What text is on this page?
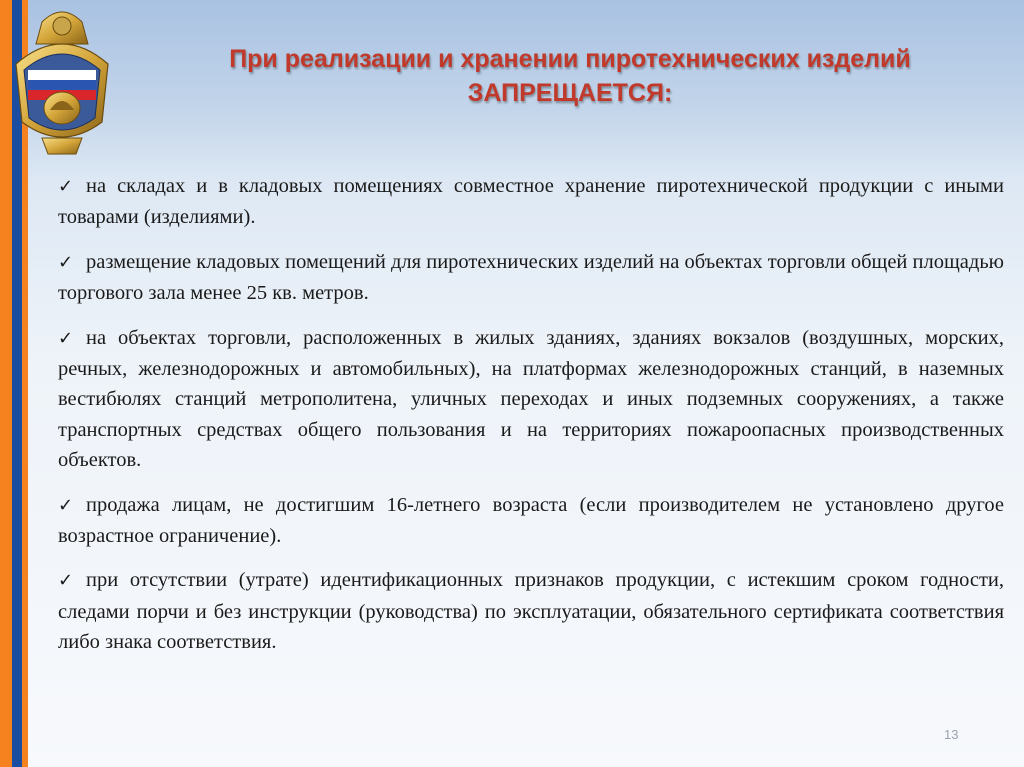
При реализации и хранении пиротехнических изделий
ЗАПРЕЩАЕТСЯ:
✓ на складах и в кладовых помещениях совместное хранение пиротехнической продукции с иными товарами (изделиями).
✓ размещение кладовых помещений для пиротехнических изделий на объектах торговли общей площадью торгового зала менее 25 кв. метров.
✓ на объектах торговли, расположенных в жилых зданиях, зданиях вокзалов (воздушных, морских, речных, железнодорожных и автомобильных), на платформах железнодорожных станций, в наземных вестибюлях станций метрополитена, уличных переходах и иных подземных сооружениях, а также транспортных средствах общего пользования и на территориях пожароопасных производственных объектов.
✓ продажа лицам, не достигшим 16-летнего возраста (если производителем не установлено другое возрастное ограничение).
✓ при отсутствии (утрате) идентификационных признаков продукции, с истекшим сроком годности, следами порчи и без инструкции (руководства) по эксплуатации, обязательного сертификата соответствия либо знака соответствия.
13
